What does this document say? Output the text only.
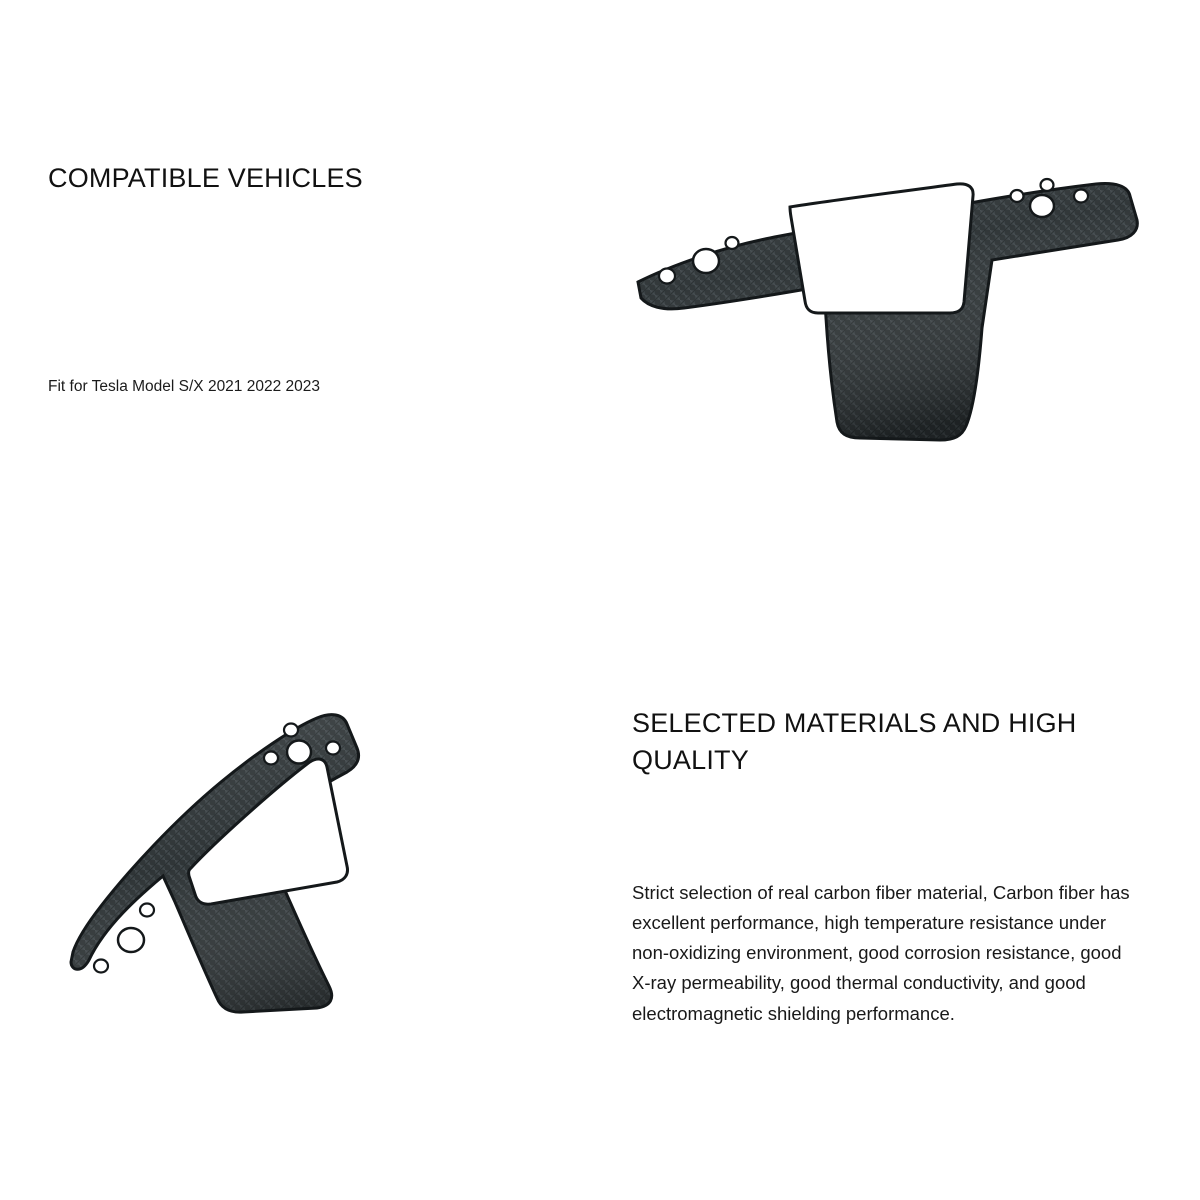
COMPATIBLE VEHICLES

Fit for Tesla Model S/X 2021 2022 2023

SELECTED MATERIALS AND HIGH QUALITY

Strict selection of real carbon fiber material, Carbon fiber has excellent performance, high temperature resistance under non-oxidizing environment, good corrosion resistance, good X-ray permeability, good thermal conductivity, and good electromagnetic shielding performance.
